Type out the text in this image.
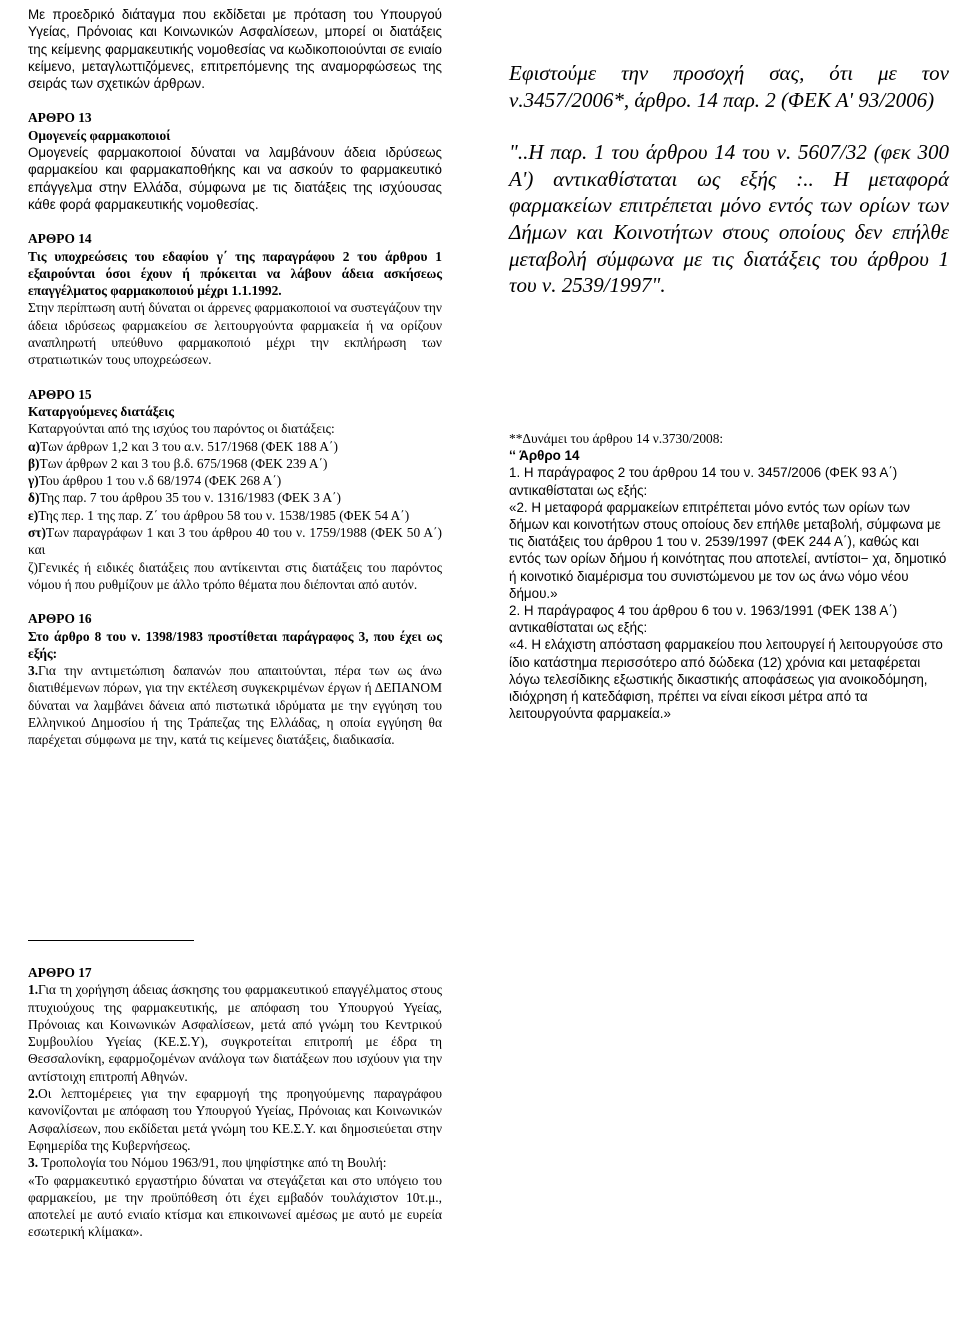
Με προεδρικό διάταγμα που εκδίδεται με πρόταση του Υπουργού Υγείας, Πρόνοιας και Κοινωνικών Ασφαλίσεων, μπορεί οι διατάξεις της κείμενης φαρμακευτικής νομοθεσίας να κωδικοποιούνται σε ενιαίο κείμενο, μεταγλωττιζόμενες, επιτρεπόμενης της αναμορφώσεως της σειράς των σχετικών άρθρων.

ΑΡΘΡΟ 13

Ομογενείς φαρμακοποιοί

Ομογενείς φαρμακοποιοί δύναται να λαμβάνουν άδεια ιδρύσεως φαρμακείου και φαρμακαποθήκης και να ασκούν το φαρμακευτικό επάγγελμα στην Ελλάδα, σύμφωνα με τις διατάξεις της ισχύουσας κάθε φορά φαρμακευτικής νομοθεσίας.

ΑΡΘΡΟ 14

Τις υποχρεώσεις του εδαφίου γ΄ της παραγράφου 2 του άρθρου 1 εξαιρούνται όσοι έχουν ή πρόκειται να λάβουν άδεια ασκήσεως επαγγέλματος φαρμακοποιού μέχρι 1.1.1992.

Στην περίπτωση αυτή δύναται οι άρρενες φαρμακοποιοί να συστεγάζουν την άδεια ιδρύσεως φαρμακείου σε λειτουργούντα φαρμακεία ή να ορίζουν αναπληρωτή υπεύθυνο φαρμακοποιό μέχρι την εκπλήρωση των στρατιωτικών τους υποχρεώσεων.

ΑΡΘΡΟ 15

Καταργούμενες διατάξεις

Καταργούνται από της ισχύος του παρόντος οι διατάξεις:

α)Των άρθρων 1,2 και 3 του α.ν. 517/1968 (ΦΕΚ 188 Α΄)

β)Των άρθρων 2 και 3 του β.δ. 675/1968 (ΦΕΚ 239 Α΄)

γ)Του άρθρου 1 του ν.δ 68/1974 (ΦΕΚ 268 Α΄)

δ)Της παρ. 7 του άρθρου 35 του ν. 1316/1983 (ΦΕΚ 3 Α΄)

ε)Της περ. 1 της παρ. Ζ΄ του άρθρου 58 του ν. 1538/1985 (ΦΕΚ 54 Α΄)

στ)Των παραγράφων 1 και 3 του άρθρου 40 του ν. 1759/1988 (ΦΕΚ 50 Α΄) και

ζ)Γενικές ή ειδικές διατάξεις που αντίκεινται στις διατάξεις του παρόντος νόμου ή που ρυθμίζουν με άλλο τρόπο θέματα που διέπονται από αυτόν.

ΑΡΘΡΟ 16

Στο άρθρο 8 του ν. 1398/1983 προστίθεται παράγραφος 3, που έχει ως εξής:

3.Για την αντιμετώπιση δαπανών που απαιτούνται, πέρα των ως άνω διατιθέμενων πόρων, για την εκτέλεση συγκεκριμένων έργων ή ΔΕΠΑΝΟΜ δύναται να λαμβάνει δάνεια από πιστωτικά ιδρύματα με την εγγύηση του Ελληνικού Δημοσίου ή της Τράπεζας της Ελλάδας, η οποία εγγύηση θα παρέχεται σύμφωνα με την, κατά τις κείμενες διατάξεις, διαδικασία.

Εφιστούμε την προσοχή σας, ότι με τον ν.3457/2006*, άρθρο. 14 παρ. 2 (ΦΕΚ Α' 93/2006)

"..Η παρ. 1 του άρθρου 14 του ν. 5607/32 (φεκ 300 Α') αντικαθίσταται ως εξής :.. Η μεταφορά φαρμακείων επιτρέπεται μόνο εντός των ορίων των Δήμων και Κοινοτήτων στους οποίους δεν επήλθε μεταβολή σύμφωνα με τις διατάξεις του άρθρου 1 του ν. 2539/1997".

**Δυνάμει του άρθρου 14 ν.3730/2008:

‘‘ Άρθρο 14

1. Η παράγραφος 2 του άρθρου 14 του ν. 3457/2006 (ΦΕΚ 93 Α΄) αντικαθίσταται ως εξής:

«2. Η μεταφορά φαρμακείων επιτρέπεται μόνο εντός των ορίων των δήμων και κοινοτήτων στους οποίους δεν επήλθε μεταβολή, σύμφωνα με τις διατάξεις του άρθρου 1 του ν. 2539/1997 (ΦΕΚ 244 Α΄), καθώς και εντός των ορίων δήμου ή κοινότητας που αποτελεί, αντίστοι− χα, δημοτικό ή κοινοτικό διαμέρισμα του συνιστώμενου με τον ως άνω νόμο νέου δήμου.»

2. Η παράγραφος 4 του άρθρου 6 του ν. 1963/1991 (ΦΕΚ 138 Α΄) αντικαθίσταται ως εξής:

«4. Η ελάχιστη απόσταση φαρμακείου που λειτουργεί ή λειτουργούσε στο ίδιο κατάστημα περισσότερο από δώδεκα (12) χρόνια και μεταφέρεται λόγω τελεσίδικης εξωστικής δικαστικής αποφάσεως για ανοικοδόμηση, ιδιόχρηση ή κατεδάφιση, πρέπει να είναι είκοσι μέτρα από τα λειτουργούντα φαρμακεία.»

ΑΡΘΡΟ 17

1.Για τη χορήγηση άδειας άσκησης του φαρμακευτικού επαγγέλματος στους πτυχιούχους της φαρμακευτικής, με απόφαση του Υπουργού Υγείας, Πρόνοιας και Κοινωνικών Ασφαλίσεων, μετά από γνώμη του Κεντρικού Συμβουλίου Υγείας (ΚΕ.Σ.Υ), συγκροτείται επιτροπή με έδρα τη Θεσσαλονίκη, εφαρμοζομένων ανάλογα των διατάξεων που ισχύουν για την αντίστοιχη επιτροπή Αθηνών.

2.Οι λεπτομέρειες για την εφαρμογή της προηγούμενης παραγράφου κανονίζονται με απόφαση του Υπουργού Υγείας, Πρόνοιας και Κοινωνικών Ασφαλίσεων, που εκδίδεται μετά γνώμη του ΚΕ.Σ.Υ. και δημοσιεύεται στην Εφημερίδα της Κυβερνήσεως.

3. Τροπολογία του Νόμου 1963/91, που ψηφίστηκε από τη Βουλή:

«Το φαρμακευτικό εργαστήριο δύναται να στεγάζεται και στο υπόγειο του φαρμακείου, με την προϋπόθεση ότι έχει εμβαδόν τουλάχιστον 10τ.μ., αποτελεί με αυτό ενιαίο κτίσμα και επικοινωνεί αμέσως με αυτό με ευρεία εσωτερική κλίμακα».
